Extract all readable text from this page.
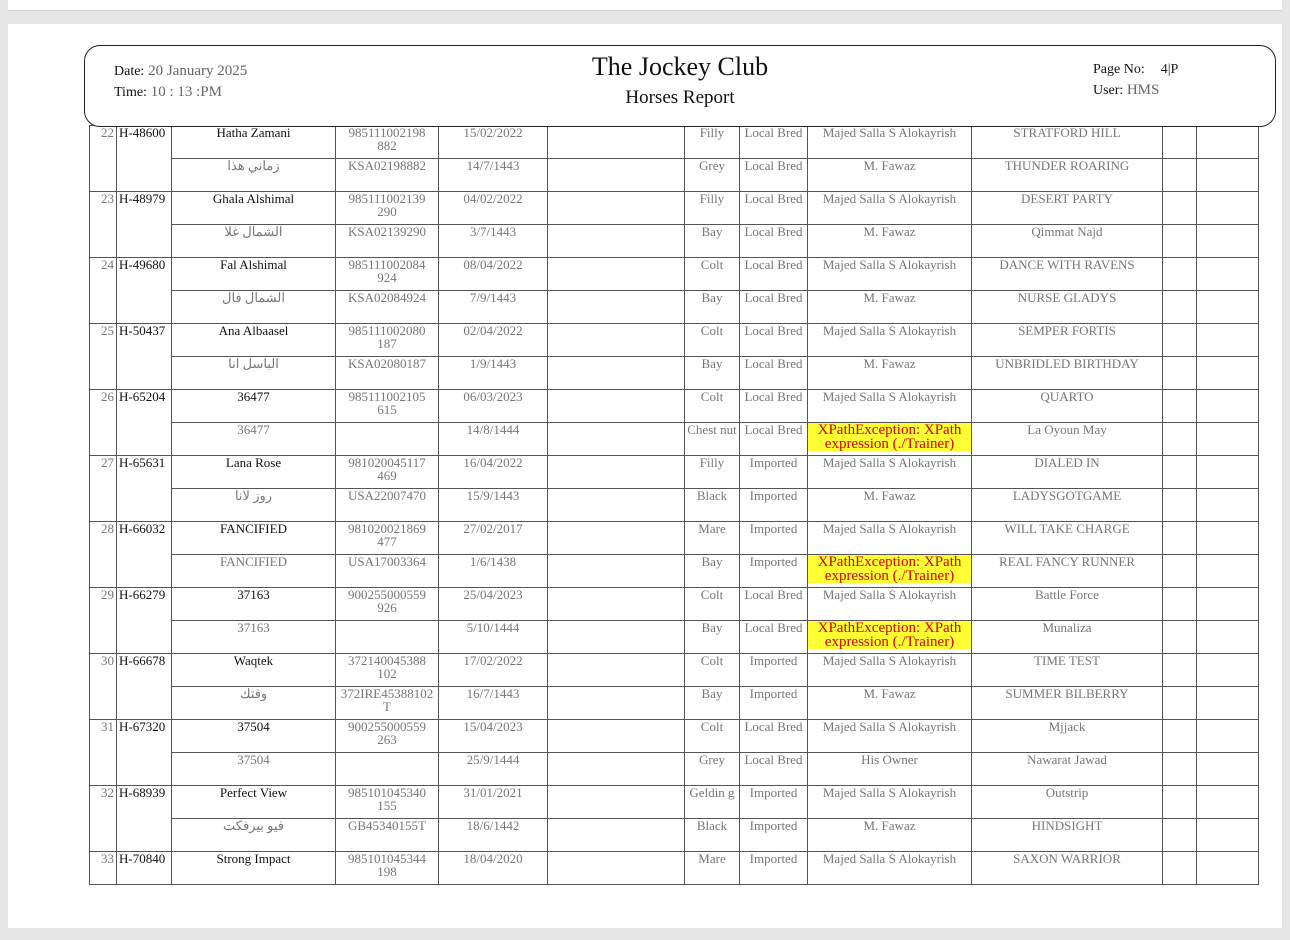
Date: 20 January 2025
Time: 10 : 13 :PM
The Jockey Club
Horses Report
Page No: 4|P
User: HMS
22	H-48600	Hatha Zamani	985111002198 882	15/02/2022		Filly	Local Bred	Majed Salla S Alokayrish	STRATFORD HILL		
		زماني هذا	KSA02198882	14/7/1443		Grey	Local Bred	M. Fawaz	THUNDER ROARING		
23	H-48979	Ghala Alshimal	985111002139 290	04/02/2022		Filly	Local Bred	Majed Salla S Alokayrish	DESERT PARTY		
		الشمال غلا	KSA02139290	3/7/1443		Bay	Local Bred	M. Fawaz	Qimmat Najd		
24	H-49680	Fal Alshimal	985111002084 924	08/04/2022		Colt	Local Bred	Majed Salla S Alokayrish	DANCE WITH RAVENS		
		الشمال فال	KSA02084924	7/9/1443		Bay	Local Bred	M. Fawaz	NURSE GLADYS		
25	H-50437	Ana Albaasel	985111002080 187	02/04/2022		Colt	Local Bred	Majed Salla S Alokayrish	SEMPER FORTIS		
		الباسل انا	KSA02080187	1/9/1443		Bay	Local Bred	M. Fawaz	UNBRIDLED BIRTHDAY		
26	H-65204	36477	985111002105 615	06/03/2023		Colt	Local Bred	Majed Salla S Alokayrish	QUARTO		
		36477		14/8/1444		Chest nut	Local Bred	XPathException: XPath expression (./Trainer)	La Oyoun May		
27	H-65631	Lana Rose	981020045117 469	16/04/2022		Filly	Imported	Majed Salla S Alokayrish	DIALED IN		
		روز لانا	USA22007470	15/9/1443		Black	Imported	M. Fawaz	LADYSGOTGAME		
28	H-66032	FANCIFIED	981020021869 477	27/02/2017		Mare	Imported	Majed Salla S Alokayrish	WILL TAKE CHARGE		
		FANCIFIED	USA17003364	1/6/1438		Bay	Imported	XPathException: XPath expression (./Trainer)	REAL FANCY RUNNER		
29	H-66279	37163	900255000559 926	25/04/2023		Colt	Local Bred	Majed Salla S Alokayrish	Battle Force		
		37163		5/10/1444		Bay	Local Bred	XPathException: XPath expression (./Trainer)	Munaliza		
30	H-66678	Waqtek	372140045388 102	17/02/2022		Colt	Imported	Majed Salla S Alokayrish	TIME TEST		
		وقتك	372IRE45388102 T	16/7/1443		Bay	Imported	M. Fawaz	SUMMER BILBERRY		
31	H-67320	37504	900255000559 263	15/04/2023		Colt	Local Bred	Majed Salla S Alokayrish	Mjjack		
		37504		25/9/1444		Grey	Local Bred	His Owner	Nawarat Jawad		
32	H-68939	Perfect View	985101045340 155	31/01/2021		Geldin g	Imported	Majed Salla S Alokayrish	Outstrip		
		فيو بيرفكت	GB45340155T	18/6/1442		Black	Imported	M. Fawaz	HINDSIGHT		
33	H-70840	Strong Impact	985101045344 198	18/04/2020		Mare	Imported	Majed Salla S Alokayrish	SAXON WARRIOR		
